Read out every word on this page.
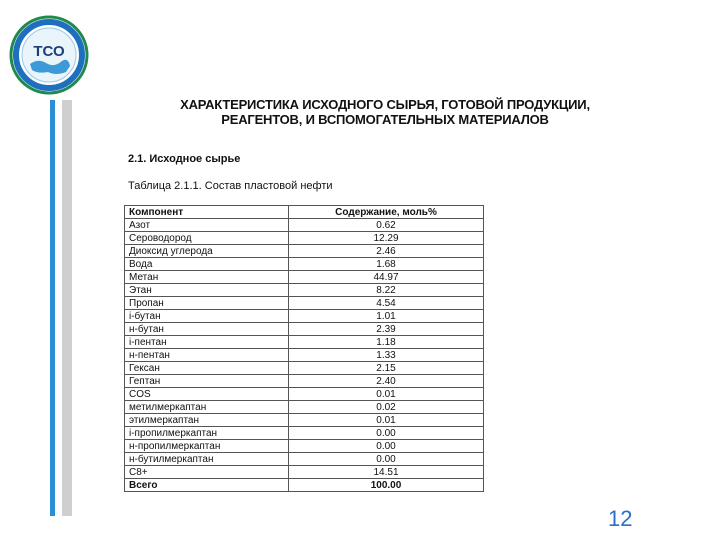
ТСО
ХАРАКТЕРИСТИКА ИСХОДНОГО СЫРЬЯ, ГОТОВОЙ ПРОДУКЦИИ,
РЕАГЕНТОВ, И ВСПОМОГАТЕЛЬНЫХ МАТЕРИАЛОВ
2.1. Исходное сырье
Таблица 2.1.1. Состав пластовой нефти
Компонент	Содержание, моль%
Азот	0.62
Сероводород	12.29
Диоксид углерода	2.46
Вода	1.68
Метан	44.97
Этан	8.22
Пропан	4.54
i-бутан	1.01
н-бутан	2.39
i-пентан	1.18
н-пентан	1.33
Гексан	2.15
Гептан	2.40
COS	0.01
метилмеркаптан	0.02
этилмеркаптан	0.01
i-пропилмеркаптан	0.00
н-пропилмеркаптан	0.00
н-бутилмеркаптан	0.00
C8+	14.51
Всего	100.00
12
